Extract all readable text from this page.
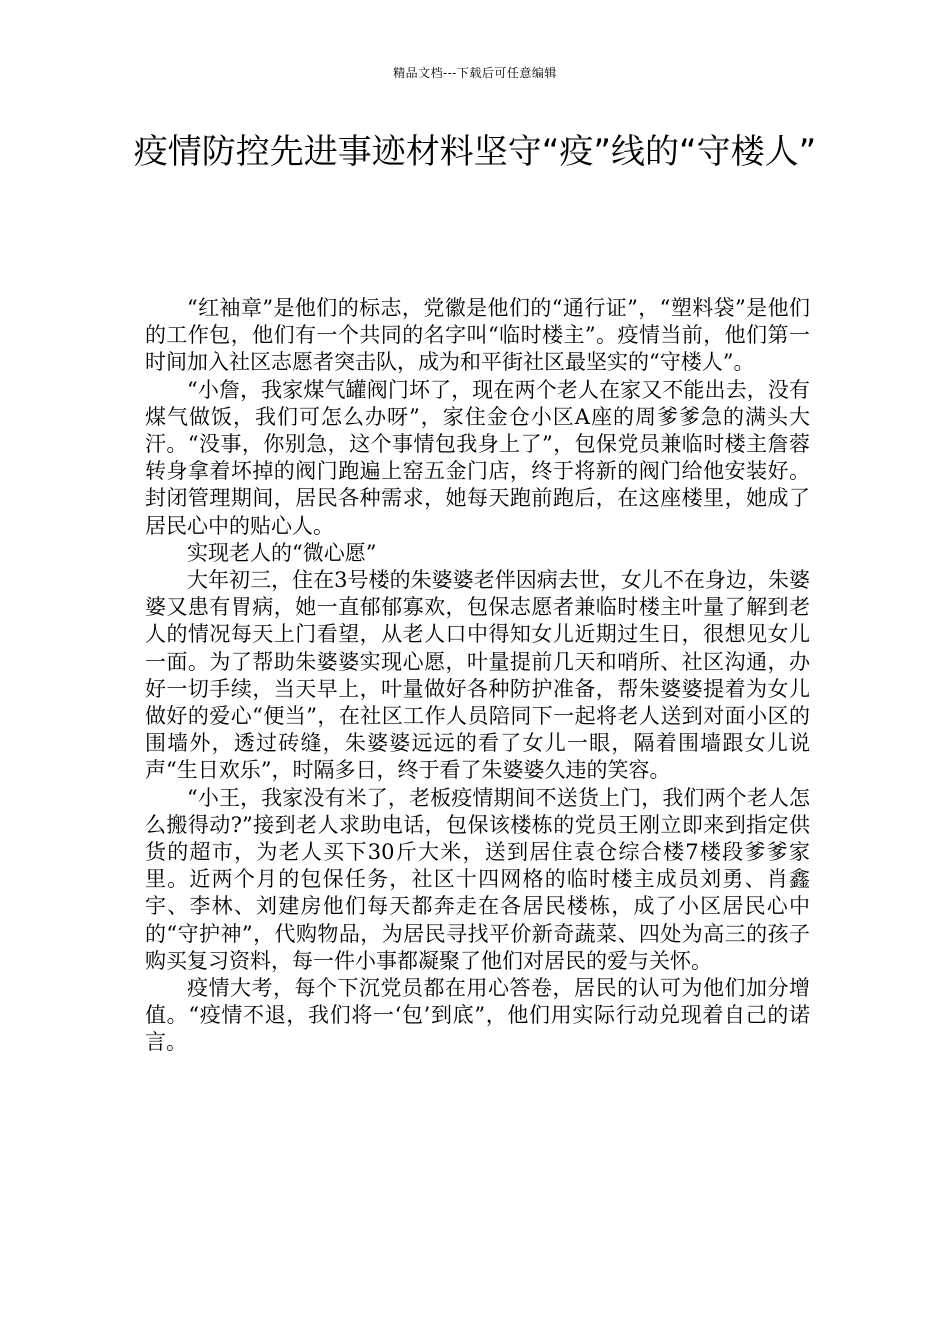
精品文档---下载后可任意编辑
疫情防控先进事迹材料坚守“疫”线的“守楼人”

“红袖章”是他们的标志，党徽是他们的“通行证”，“塑料袋”是他们的工作包，他们有一个共同的名字叫“临时楼主”。疫情当前，他们第一时间加入社区志愿者突击队，成为和平街社区最坚实的“守楼人”。

“小詹，我家煤气罐阀门坏了，现在两个老人在家又不能出去，没有煤气做饭，我们可怎么办呀”，家住金仓小区A座的周爹爹急的满头大汗。“没事，你别急，这个事情包我身上了”，包保党员兼临时楼主詹蓉转身拿着坏掉的阀门跑遍上窑五金门店，终于将新的阀门给他安装好。封闭管理期间，居民各种需求，她每天跑前跑后，在这座楼里，她成了居民心中的贴心人。

实现老人的“微心愿”

大年初三，住在3号楼的朱婆婆老伴因病去世，女儿不在身边，朱婆婆又患有胃病，她一直郁郁寡欢，包保志愿者兼临时楼主叶量了解到老人的情况每天上门看望，从老人口中得知女儿近期过生日，很想见女儿一面。为了帮助朱婆婆实现心愿，叶量提前几天和哨所、社区沟通，办好一切手续，当天早上，叶量做好各种防护准备，帮朱婆婆提着为女儿做好的爱心“便当”，在社区工作人员陪同下一起将老人送到对面小区的围墙外，透过砖缝，朱婆婆远远的看了女儿一眼，隔着围墙跟女儿说声“生日欢乐”，时隔多日，终于看了朱婆婆久违的笑容。

“小王，我家没有米了，老板疫情期间不送货上门，我们两个老人怎么搬得动?”接到老人求助电话，包保该楼栋的党员王刚立即来到指定供货的超市，为老人买下30斤大米，送到居住袁仓综合楼7楼段爹爹家里。近两个月的包保任务，社区十四网格的临时楼主成员刘勇、肖鑫宇、李林、刘建房他们每天都奔走在各居民楼栋，成了小区居民心中的“守护神”，代购物品，为居民寻找平价新奇蔬菜、四处为高三的孩子购买复习资料，每一件小事都凝聚了他们对居民的爱与关怀。

疫情大考，每个下沉党员都在用心答卷，居民的认可为他们加分增值。“疫情不退，我们将一‘包’到底”，他们用实际行动兑现着自己的诺言。
